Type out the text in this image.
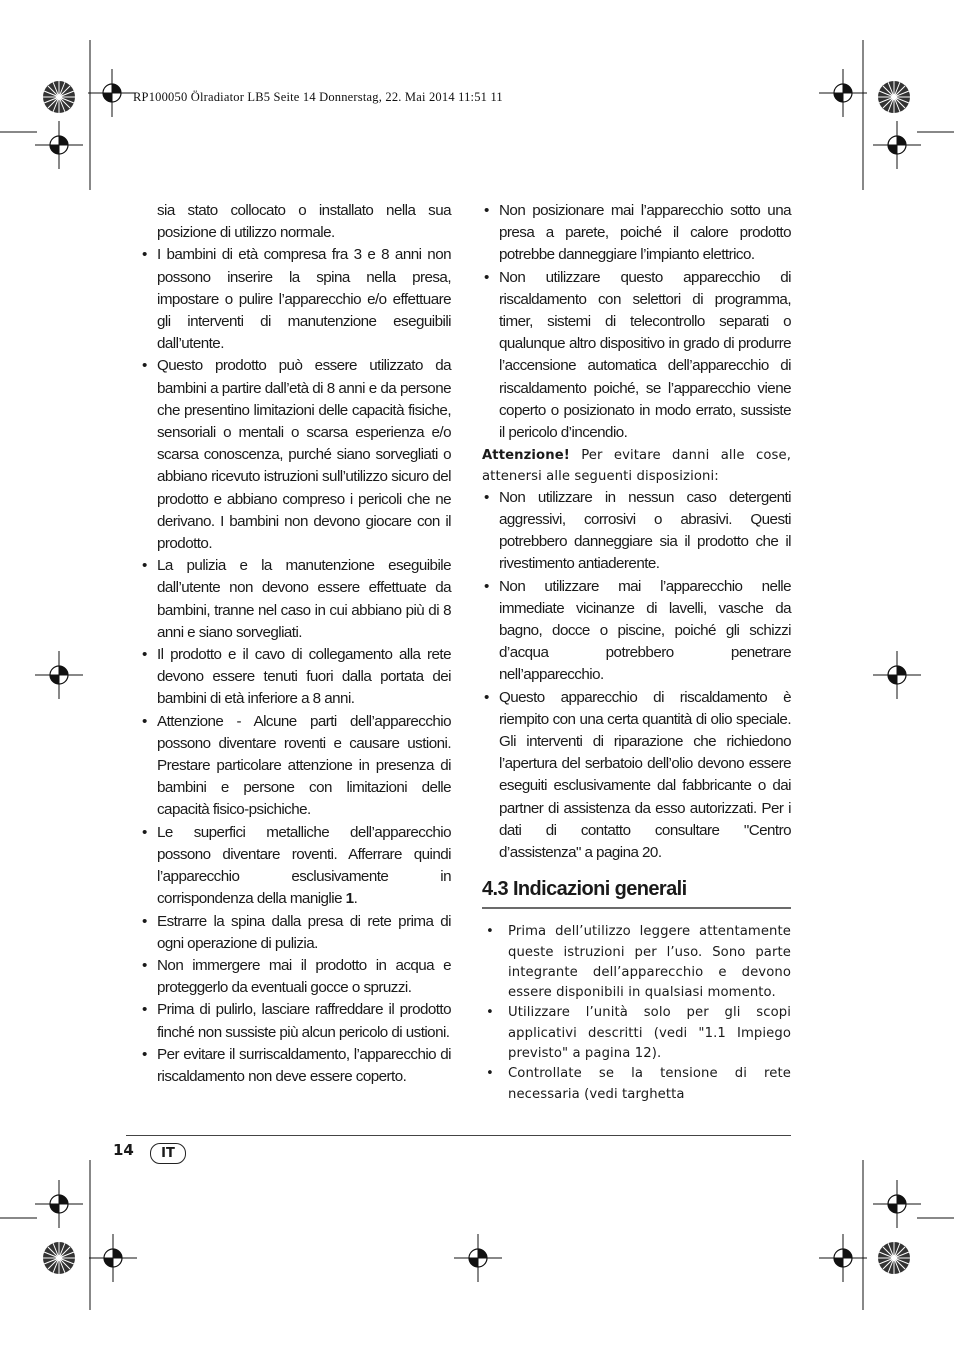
RP100050 Ölradiator LB5 Seite 14 Donnerstag, 22. Mai 2014 11:51 11
sia stato collocato o installato nella sua posizione di utilizzo normale.
• I bambini di età compresa fra 3 e 8 anni non possono inserire la spina nella presa, impostare o pulire l’apparecchio e/o effettuare gli interventi di manutenzione eseguibili dall’utente.
• Questo prodotto può essere utilizzato da bambini a partire dall’età di 8 anni e da persone che presentino limitazioni delle capacità fisiche, sensoriali o mentali o scarsa esperienza e/o scarsa conoscenza, purché siano sorvegliati o abbiano ricevuto istruzioni sull’utilizzo sicuro del prodotto e abbiano compreso i pericoli che ne derivano. I bambini non devono giocare con il prodotto.
• La pulizia e la manutenzione eseguibile dall’utente non devono essere effettuate da bambini, tranne nel caso in cui abbiano più di 8 anni e siano sorvegliati.
• Il prodotto e il cavo di collegamento alla rete devono essere tenuti fuori dalla portata dei bambini di età inferiore a 8 anni.
• Attenzione - Alcune parti dell’apparecchio possono diventare roventi e causare ustioni. Prestare particolare attenzione in presenza di bambini e persone con limitazioni delle capacità fisico-psichiche.
• Le superfici metalliche dell’apparecchio possono diventare roventi. Afferrare quindi l’apparecchio esclusivamente in corrispondenza della maniglie 1.
• Estrarre la spina dalla presa di rete prima di ogni operazione di pulizia.
• Non immergere mai il prodotto in acqua e proteggerlo da eventuali gocce o spruzzi.
• Prima di pulirlo, lasciare raffreddare il prodotto finché non sussiste più alcun pericolo di ustioni.
• Per evitare il surriscaldamento, l’apparecchio di riscaldamento non deve essere coperto.
• Non posizionare mai l’apparecchio sotto una presa a parete, poiché il calore prodotto potrebbe danneggiare l’impianto elettrico.
• Non utilizzare questo apparecchio di riscaldamento con selettori di programma, timer, sistemi di telecontrollo separati o qualunque altro dispositivo in grado di produrre l’accensione automatica dell’apparecchio di riscaldamento poiché, se l’apparecchio viene coperto o posizionato in modo errato, sussiste il pericolo d’incendio.

Attenzione! Per evitare danni alle cose, attenersi alle seguenti disposizioni:

• Non utilizzare in nessun caso detergenti aggressivi, corrosivi o abrasivi. Questi potrebbero danneggiare sia il prodotto che il rivestimento antiaderente.
• Non utilizzare mai l’apparecchio nelle immediate vicinanze di lavelli, vasche da bagno, docce o piscine, poiché gli schizzi d’acqua potrebbero penetrare nell’apparecchio.
• Questo apparecchio di riscaldamento è riempito con una certa quantità di olio speciale. Gli interventi di riparazione che richiedono l’apertura del serbatoio dell’olio devono essere eseguiti esclusivamente dal fabbricante o dai partner di assistenza da esso autorizzati. Per i dati di contatto consultare "Centro d’assistenza" a pagina 20.
4.3 Indicazioni generali
• Prima dell’utilizzo leggere attentamente queste istruzioni per l’uso. Sono parte integrante dell’apparecchio e devono essere disponibili in qualsiasi momento.
• Utilizzare l’unità solo per gli scopi applicativi descritti (vedi "1.1 Impiego previsto" a pagina 12).
• Controllate se la tensione di rete necessaria (vedi targhetta
14	IT
